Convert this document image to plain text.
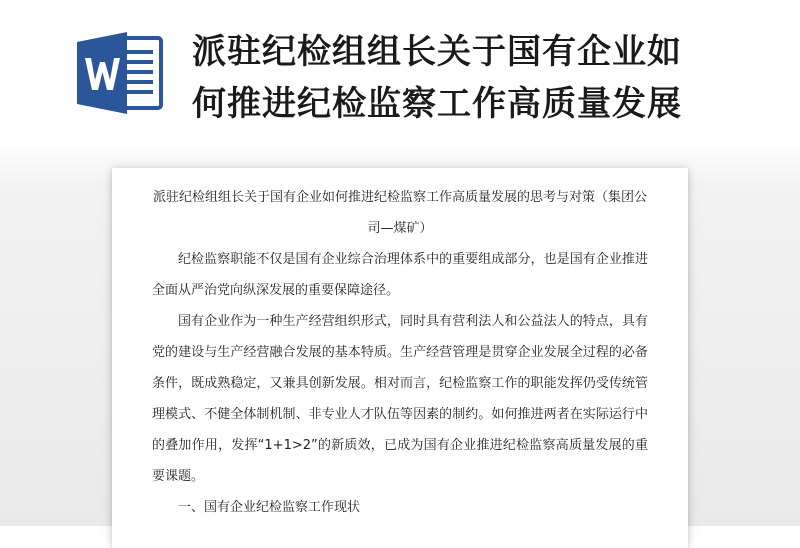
派驻纪检组组长关于国有企业如
何推进纪检监察工作高质量发展

派驻纪检组组长关于国有企业如何推进纪检监察工作高质量发展的思考与对策（集团公司—煤矿）

纪检监察职能不仅是国有企业综合治理体系中的重要组成部分，也是国有企业推进全面从严治党向纵深发展的重要保障途径。

国有企业作为一种生产经营组织形式，同时具有营利法人和公益法人的特点，具有党的建设与生产经营融合发展的基本特质。生产经营管理是贯穿企业发展全过程的必备条件，既成熟稳定，又兼具创新发展。相对而言，纪检监察工作的职能发挥仍受传统管理模式、不健全体制机制、非专业人才队伍等因素的制约。如何推进两者在实际运行中的叠加作用，发挥“1+1>2”的新质效，已成为国有企业推进纪检监察高质量发展的重要课题。

一、国有企业纪检监察工作现状
